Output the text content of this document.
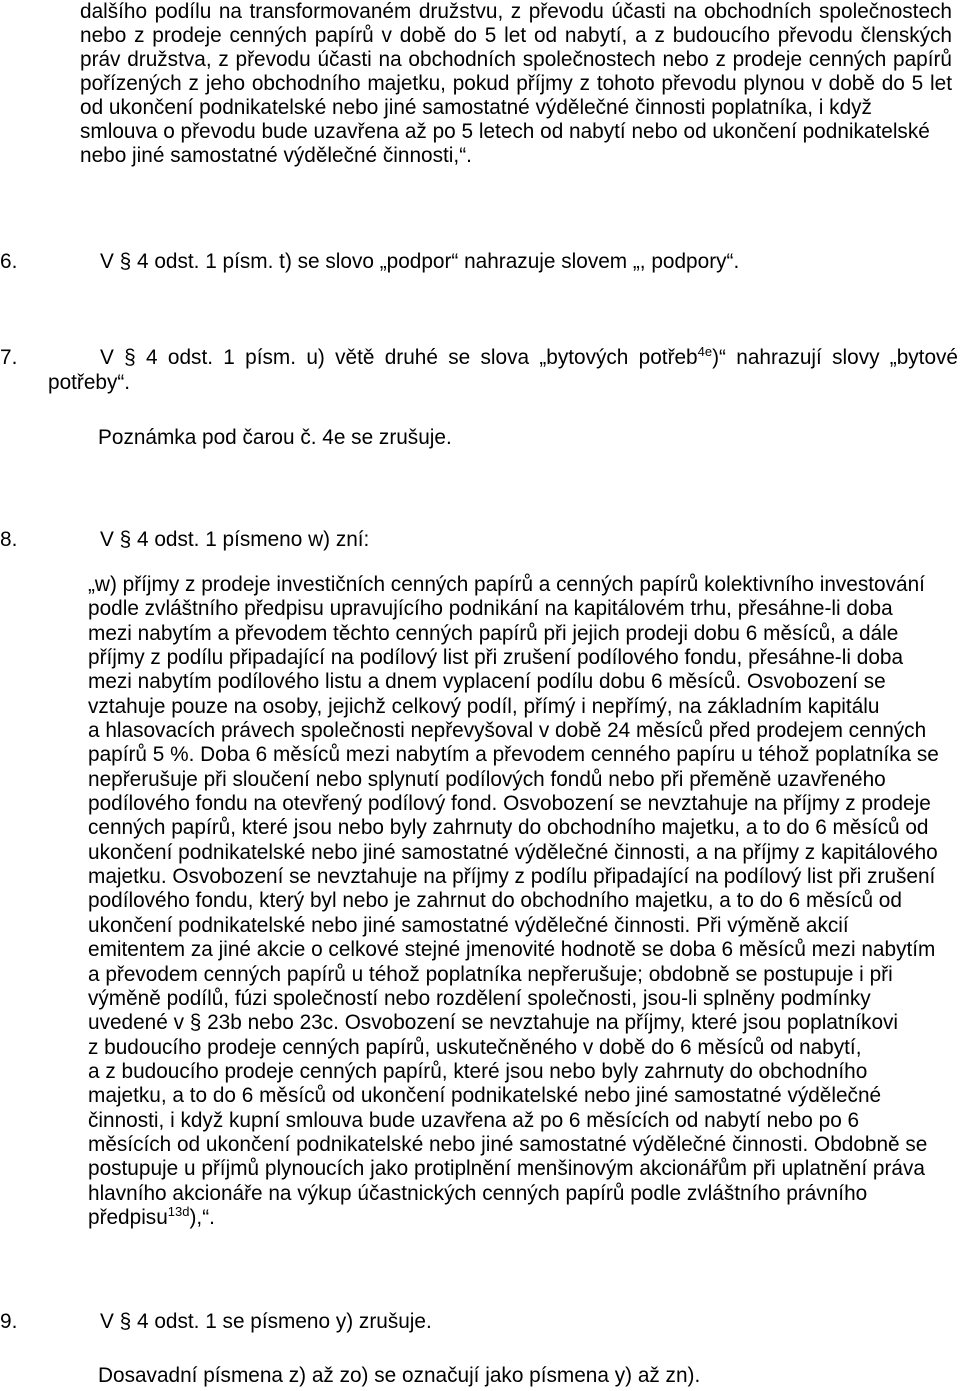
dalšího podílu na transformovaném družstvu, z převodu účasti na obchodních společnostech
nebo z prodeje cenných papírů v době do 5 let od nabytí, a z budoucího převodu členských
práv družstva, z převodu účasti na obchodních společnostech nebo z prodeje cenných papírů
pořízených z jeho obchodního majetku, pokud příjmy z tohoto převodu plynou v době do 5 let
od ukončení podnikatelské nebo jiné samostatné výdělečné činnosti poplatníka, i když
smlouva o převodu bude uzavřena až po 5 letech od nabytí nebo od ukončení podnikatelské
nebo jiné samostatné výdělečné činnosti,“.
6.	V § 4 odst. 1 písm. t) se slovo „podpor“ nahrazuje slovem „, podpory“.
7.	V § 4 odst. 1 písm. u) větě druhé se slova „bytových potřeb$^{4e}$)“ nahrazují slovy „bytové
potřeby“.
Poznámka pod čarou č. 4e se zrušuje.
8.	V § 4 odst. 1 písmeno w) zní:
„w) příjmy z prodeje investičních cenných papírů a cenných papírů kolektivního investování
podle zvláštního předpisu upravujícího podnikání na kapitálovém trhu, přesáhne-li doba
mezi nabytím a převodem těchto cenných papírů při jejich prodeji dobu 6 měsíců, a dále
příjmy z podílu připadající na podílový list při zrušení podílového fondu, přesáhne-li doba
mezi nabytím podílového listu a dnem vyplacení podílu dobu 6 měsíců. Osvobození se
vztahuje pouze na osoby, jejichž celkový podíl, přímý i nepřímý, na základním kapitálu
a hlasovacích právech společnosti nepřevyšoval v době 24 měsíců před prodejem cenných
papírů 5 %. Doba 6 měsíců mezi nabytím a převodem cenného papíru u téhož poplatníka se
nepřerušuje při sloučení nebo splynutí podílových fondů nebo při přeměně uzavřeného
podílového fondu na otevřený podílový fond. Osvobození se nevztahuje na příjmy z prodeje
cenných papírů, které jsou nebo byly zahrnuty do obchodního majetku, a to do 6 měsíců od
ukončení podnikatelské nebo jiné samostatné výdělečné činnosti, a na příjmy z kapitálového
majetku. Osvobození se nevztahuje na příjmy z podílu připadající na podílový list při zrušení
podílového fondu, který byl nebo je zahrnut do obchodního majetku, a to do 6 měsíců od
ukončení podnikatelské nebo jiné samostatné výdělečné činnosti. Při výměně akcií
emitentem za jiné akcie o celkové stejné jmenovité hodnotě se doba 6 měsíců mezi nabytím
a převodem cenných papírů u téhož poplatníka nepřerušuje; obdobně se postupuje i při
výměně podílů, fúzi společností nebo rozdělení společnosti, jsou-li splněny podmínky
uvedené v § 23b nebo 23c. Osvobození se nevztahuje na příjmy, které jsou poplatníkovi
z budoucího prodeje cenných papírů, uskutečněného v době do 6 měsíců od nabytí,
a z budoucího prodeje cenných papírů, které jsou nebo byly zahrnuty do obchodního
majetku, a to do 6 měsíců od ukončení podnikatelské nebo jiné samostatné výdělečné
činnosti, i když kupní smlouva bude uzavřena až po 6 měsících od nabytí nebo po 6
měsících od ukončení podnikatelské nebo jiné samostatné výdělečné činnosti. Obdobně se
postupuje u příjmů plynoucích jako protiplnění menšinovým akcionářům při uplatnění práva
hlavního akcionáře na výkup účastnických cenných papírů podle zvláštního právního
předpisu$^{13d}$),“.
9.	V § 4 odst. 1 se písmeno y) zrušuje.
Dosavadní písmena z) až zo) se označují jako písmena y) až zn).
